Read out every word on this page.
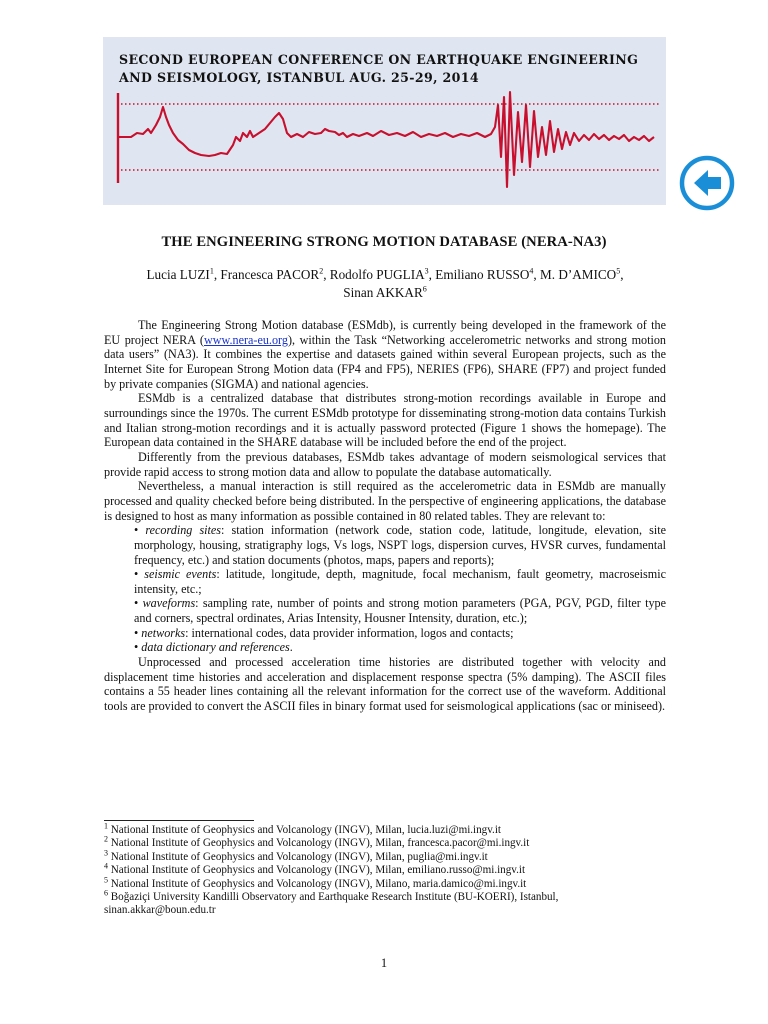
SECOND EUROPEAN CONFERENCE ON EARTHQUAKE ENGINEERING
AND SEISMOLOGY, ISTANBUL AUG. 25-29, 2014
THE ENGINEERING STRONG MOTION DATABASE (NERA-NA3)
Lucia LUZI$^1$, Francesca PACOR$^2$, Rodolfo PUGLIA$^3$, Emiliano RUSSO$^4$, M. D’AMICO$^5$, Sinan AKKAR$^6$

The Engineering Strong Motion database (ESMdb), is currently being developed in the framework of the EU project NERA (www.nera-eu.org), within the Task “Networking accelerometric networks and strong motion data users” (NA3). It combines the expertise and datasets gained within several European projects, such as the Internet Site for European Strong Motion data (FP4 and FP5), NERIES (FP6), SHARE (FP7) and project funded by private companies (SIGMA) and national agencies.

ESMdb is a centralized database that distributes strong-motion recordings available in Europe and surroundings since the 1970s. The current ESMdb prototype for disseminating strong-motion data contains Turkish and Italian strong-motion recordings and it is actually password protected (Figure 1 shows the homepage). The European data contained in the SHARE database will be included before the end of the project.

Differently from the previous databases, ESMdb takes advantage of modern seismological services that provide rapid access to strong motion data and allow to populate the database automatically.

Nevertheless, a manual interaction is still required as the accelerometric data in ESMdb are manually processed and quality checked before being distributed. In the perspective of engineering applications, the database is designed to host as many information as possible contained in 80 related tables. They are relevant to:

• recording sites: station information (network code, station code, latitude, longitude, elevation, site morphology, housing, stratigraphy logs, Vs logs, NSPT logs, dispersion curves, HVSR curves, fundamental frequency, etc.) and station documents (photos, maps, papers and reports);
• seismic events: latitude, longitude, depth, magnitude, focal mechanism, fault geometry, macroseismic intensity, etc.;
• waveforms: sampling rate, number of points and strong motion parameters (PGA, PGV, PGD, filter type and corners, spectral ordinates, Arias Intensity, Housner Intensity, duration, etc.);
• networks: international codes, data provider information, logos and contacts;
• data dictionary and references.

Unprocessed and processed acceleration time histories are distributed together with velocity and displacement time histories and acceleration and displacement response spectra (5% damping). The ASCII files contains a 55 header lines containing all the relevant information for the correct use of the waveform. Additional tools are provided to convert the ASCII files in binary format used for seismological applications (sac or miniseed).

$^1$ National Institute of Geophysics and Volcanology (INGV), Milan, lucia.luzi@mi.ingv.it

$^2$ National Institute of Geophysics and Volcanology (INGV), Milan, francesca.pacor@mi.ingv.it

$^3$ National Institute of Geophysics and Volcanology (INGV), Milan, puglia@mi.ingv.it

$^4$ National Institute of Geophysics and Volcanology (INGV), Milan, emiliano.russo@mi.ingv.it

$^5$ National Institute of Geophysics and Volcanology (INGV), Milano, maria.damico@mi.ingv.it

$^6$ Boğaziçi University Kandilli Observatory and Earthquake Research Institute (BU-KOERI), Istanbul, sinan.akkar@boun.edu.tr

1
